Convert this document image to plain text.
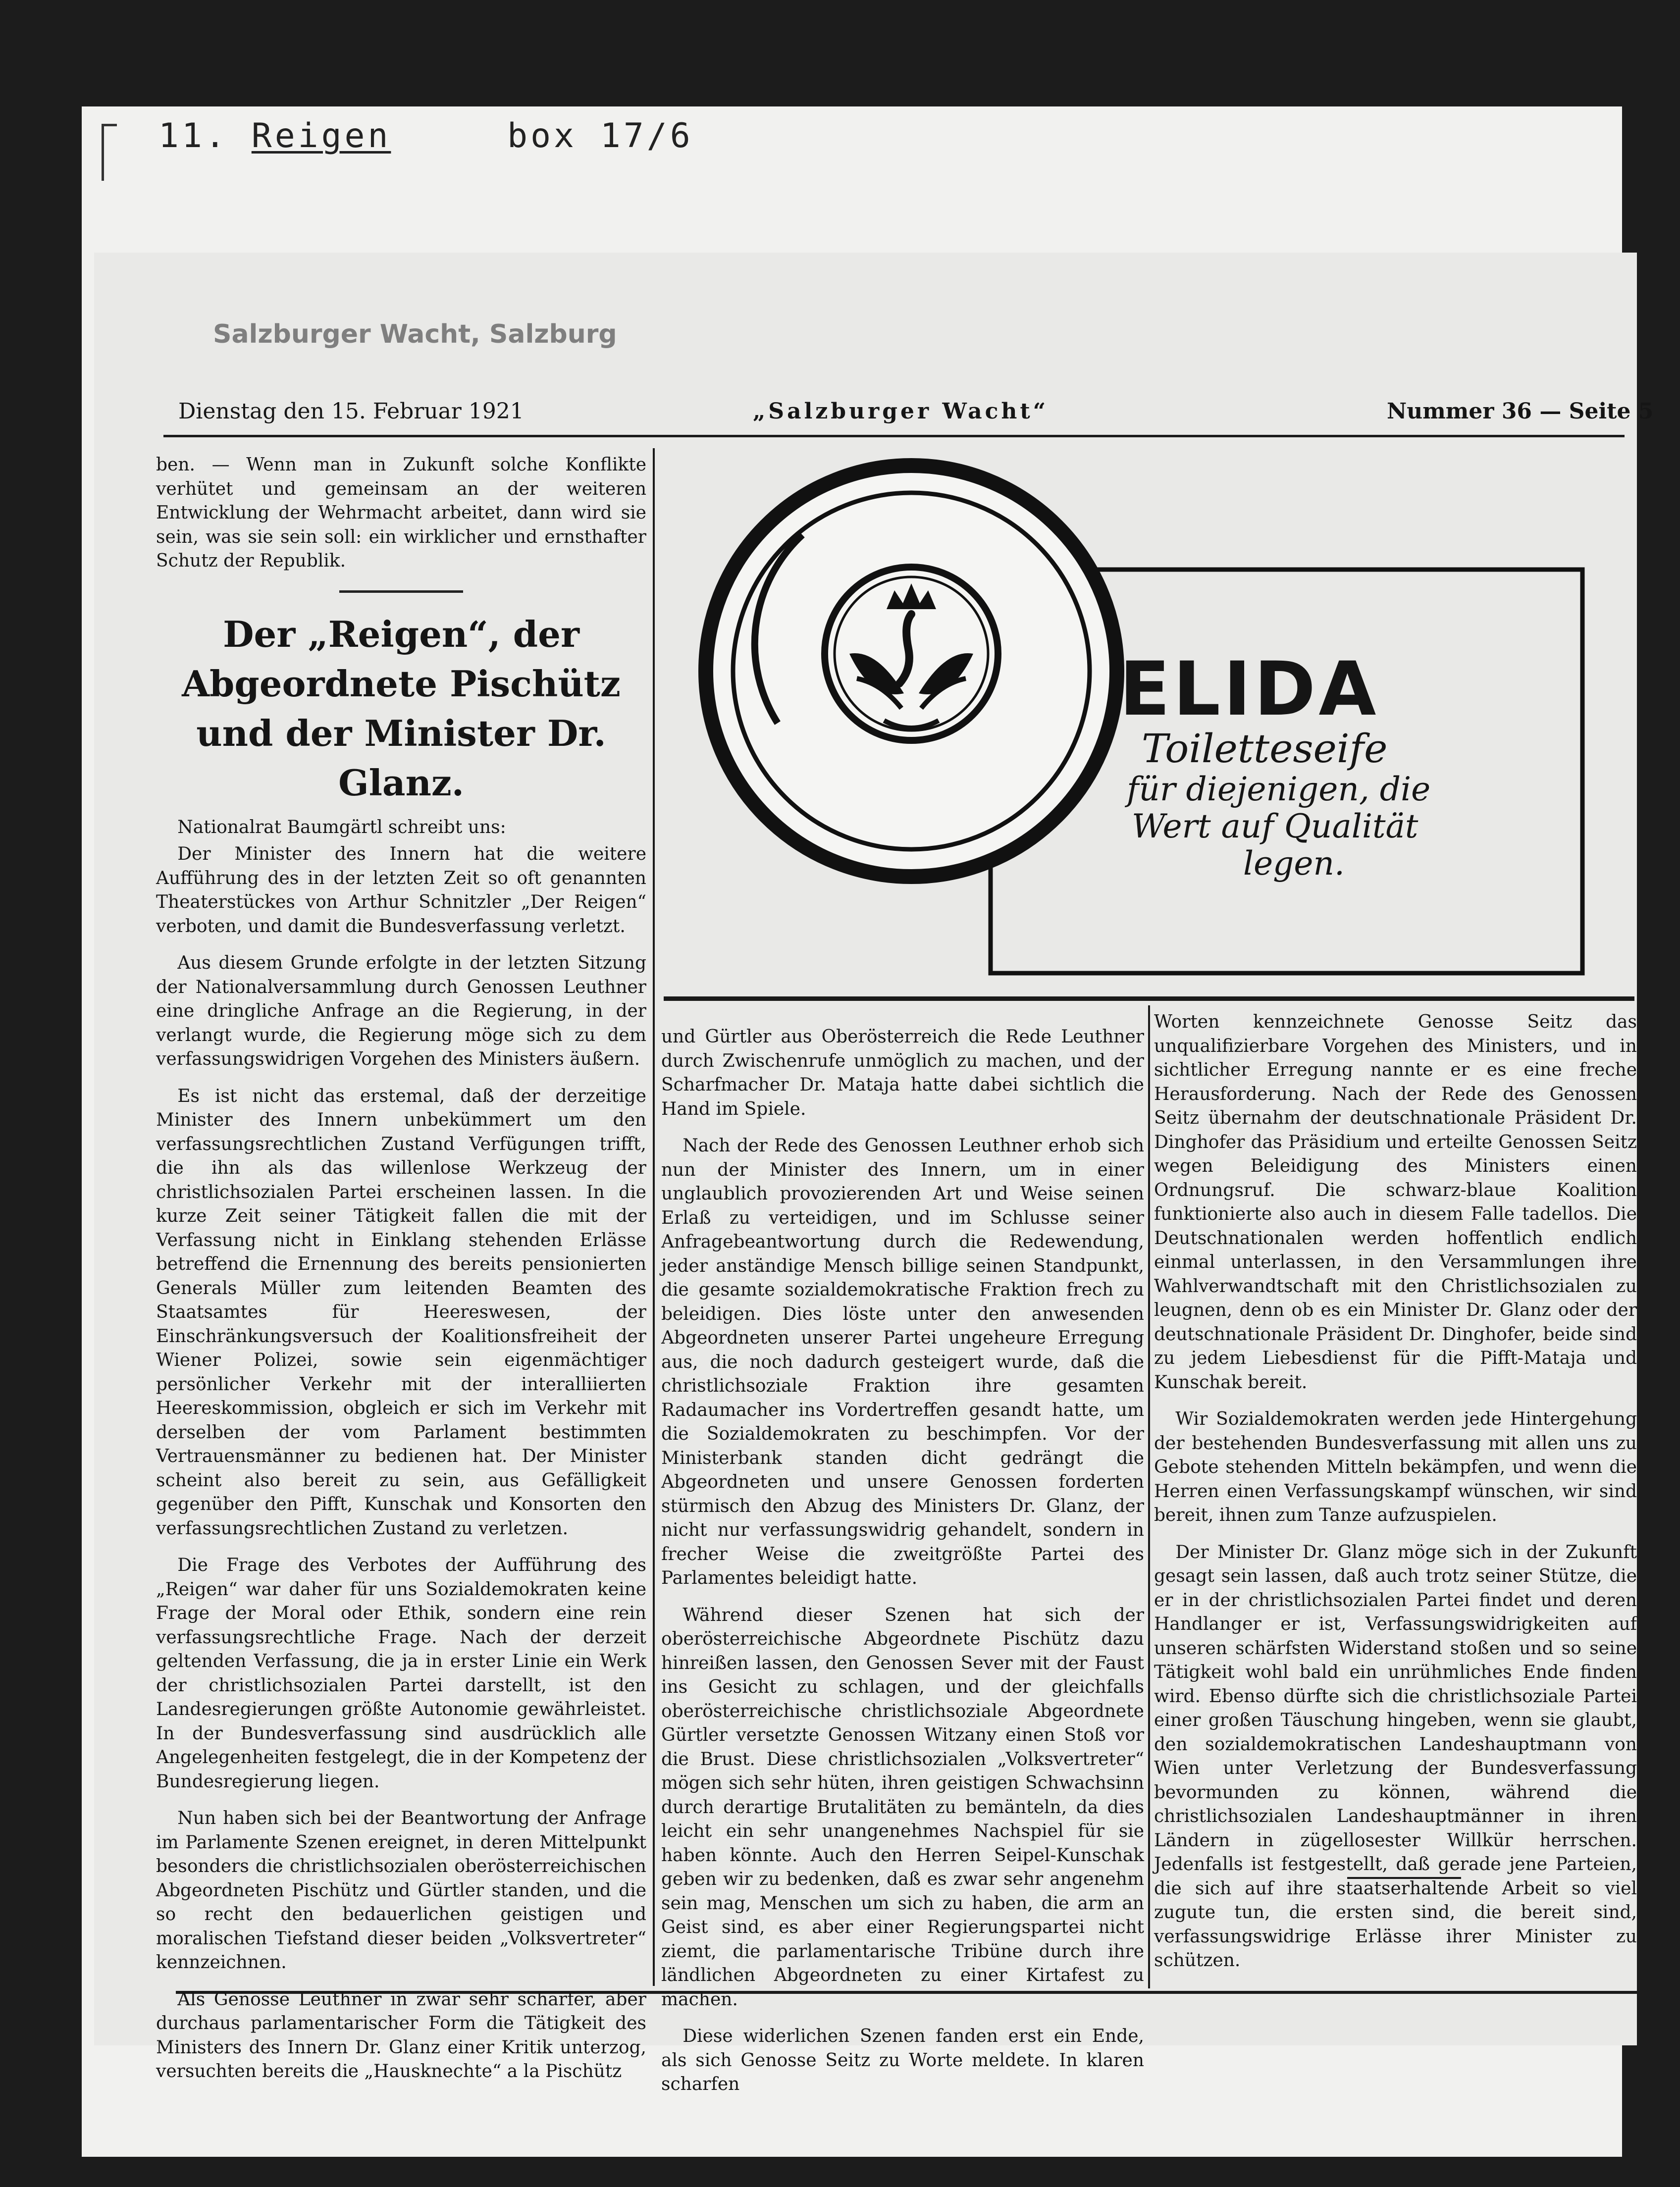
11. Reigen	box 17/6
Salzburger Wacht, Salzburg
Dienstag den 15. Februar 1921	„Salzburger Wacht“	Nummer 36 — Seite 5

ben. — Wenn man in Zukunft solche Konflikte verhütet und gemeinsam an der weiteren Entwicklung der Wehrmacht arbeitet, dann wird sie sein, was sie sein soll: ein wirklicher und ernsthafter Schutz der Republik.

Der „Reigen“, der Abgeordnete Pischütz und der Minister Dr. Glanz.
Nationalrat Baumgärtl schreibt uns:

Der Minister des Innern hat die weitere Aufführung des in der letzten Zeit so oft genannten Theaterstückes von Arthur Schnitzler „Der Reigen“ verboten, und damit die Bundesverfassung verletzt.

Aus diesem Grunde erfolgte in der letzten Sitzung der Nationalversammlung durch Genossen Leuthner eine dringliche Anfrage an die Regierung, in der verlangt wurde, die Regierung möge sich zu dem verfassungswidrigen Vorgehen des Ministers äußern.

Es ist nicht das erstemal, daß der derzeitige Minister des Innern unbekümmert um den verfassungsrechtlichen Zustand Verfügungen trifft, die ihn als das willenlose Werkzeug der christlichsozialen Partei erscheinen lassen. In die kurze Zeit seiner Tätigkeit fallen die mit der Verfassung nicht in Einklang stehenden Erlässe betreffend die Ernennung des bereits pensionierten Generals Müller zum leitenden Beamten des Staatsamtes für Heereswesen, der Einschränkungsversuch der Koalitionsfreiheit der Wiener Polizei, sowie sein eigenmächtiger persönlicher Verkehr mit der interalliierten Heereskommission, obgleich er sich im Verkehr mit derselben der vom Parlament bestimmten Vertrauensmänner zu bedienen hat. Der Minister scheint also bereit zu sein, aus Gefälligkeit gegenüber den Pifft, Kunschak und Konsorten den verfassungsrechtlichen Zustand zu verletzen.

Die Frage des Verbotes der Aufführung des „Reigen“ war daher für uns Sozialdemokraten keine Frage der Moral oder Ethik, sondern eine rein verfassungsrechtliche Frage. Nach der derzeit geltenden Verfassung, die ja in erster Linie ein Werk der christlichsozialen Partei darstellt, ist den Landesregierungen größte Autonomie gewährleistet. In der Bundesverfassung sind ausdrücklich alle Angelegenheiten festgelegt, die in der Kompetenz der Bundesregierung liegen.

Nun haben sich bei der Beantwortung der Anfrage im Parlamente Szenen ereignet, in deren Mittelpunkt besonders die christlichsozialen oberösterreichischen Abgeordneten Pischütz und Gürtler standen, und die so recht den bedauerlichen geistigen und moralischen Tiefstand dieser beiden „Volksvertreter“ kennzeichnen.

Als Genosse Leuthner in zwar sehr scharfer, aber durchaus parlamentarischer Form die Tätigkeit des Ministers des Innern Dr. Glanz einer Kritik unterzog, versuchten bereits die „Hausknechte“ a la Pischütz

und Gürtler aus Oberösterreich die Rede Leuthner durch Zwischenrufe unmöglich zu machen, und der Scharfmacher Dr. Mataja hatte dabei sichtlich die Hand im Spiele.

Nach der Rede des Genossen Leuthner erhob sich nun der Minister des Innern, um in einer unglaublich provozierenden Art und Weise seinen Erlaß zu verteidigen, und im Schlusse seiner Anfragebeantwortung durch die Redewendung, jeder anständige Mensch billige seinen Standpunkt, die gesamte sozialdemokratische Fraktion frech zu beleidigen. Dies löste unter den anwesenden Abgeordneten unserer Partei ungeheure Erregung aus, die noch dadurch gesteigert wurde, daß die christlichsoziale Fraktion ihre gesamten Radaumacher ins Vordertreffen gesandt hatte, um die Sozialdemokraten zu beschimpfen. Vor der Ministerbank standen dicht gedrängt die Abgeordneten und unsere Genossen forderten stürmisch den Abzug des Ministers Dr. Glanz, der nicht nur verfassungswidrig gehandelt, sondern in frecher Weise die zweitgrößte Partei des Parlamentes beleidigt hatte.

Während dieser Szenen hat sich der oberösterreichische Abgeordnete Pischütz dazu hinreißen lassen, den Genossen Sever mit der Faust ins Gesicht zu schlagen, und der gleichfalls oberösterreichische christlichsoziale Abgeordnete Gürtler versetzte Genossen Witzany einen Stoß vor die Brust. Diese christlichsozialen „Volksvertreter“ mögen sich sehr hüten, ihren geistigen Schwachsinn durch derartige Brutalitäten zu bemänteln, da dies leicht ein sehr unangenehmes Nachspiel für sie haben könnte. Auch den Herren Seipel-Kunschak geben wir zu bedenken, daß es zwar sehr angenehm sein mag, Menschen um sich zu haben, die arm an Geist sind, es aber einer Regierungspartei nicht ziemt, die parlamentarische Tribüne durch ihre ländlichen Abgeordneten zu einer Kirtafest zu machen.

Diese widerlichen Szenen fanden erst ein Ende, als sich Genosse Seitz zu Worte meldete. In klaren scharfen

Worten kennzeichnete Genosse Seitz das unqualifizierbare Vorgehen des Ministers, und in sichtlicher Erregung nannte er es eine freche Herausforderung. Nach der Rede des Genossen Seitz übernahm der deutschnationale Präsident Dr. Dinghofer das Präsidium und erteilte Genossen Seitz wegen Beleidigung des Ministers einen Ordnungsruf. Die schwarz-blaue Koalition funktionierte also auch in diesem Falle tadellos. Die Deutschnationalen werden hoffentlich endlich einmal unterlassen, in den Versammlungen ihre Wahlverwandtschaft mit den Christlichsozialen zu leugnen, denn ob es ein Minister Dr. Glanz oder der deutschnationale Präsident Dr. Dinghofer, beide sind zu jedem Liebesdienst für die Pifft-Mataja und Kunschak bereit.

Wir Sozialdemokraten werden jede Hintergehung der bestehenden Bundesverfassung mit allen uns zu Gebote stehenden Mitteln bekämpfen, und wenn die Herren einen Verfassungskampf wünschen, wir sind bereit, ihnen zum Tanze aufzuspielen.

Der Minister Dr. Glanz möge sich in der Zukunft gesagt sein lassen, daß auch trotz seiner Stütze, die er in der christlichsozialen Partei findet und deren Handlanger er ist, Verfassungswidrigkeiten auf unseren schärfsten Widerstand stoßen und so seine Tätigkeit wohl bald ein unrühmliches Ende finden wird. Ebenso dürfte sich die christlichsoziale Partei einer großen Täuschung hingeben, wenn sie glaubt, den sozialdemokratischen Landeshauptmann von Wien unter Verletzung der Bundesverfassung bevormunden zu können, während die christlichsozialen Landeshauptmänner in ihren Ländern in zügellosester Willkür herrschen. Jedenfalls ist festgestellt, daß gerade jene Parteien, die sich auf ihre staatserhaltende Arbeit so viel zugute tun, die ersten sind, die bereit sind, verfassungswidrige Erlässe ihrer Minister zu schützen.

ELIDA
Toiletteseife
für diejenigen, die
Wert auf Qualität
legen.
